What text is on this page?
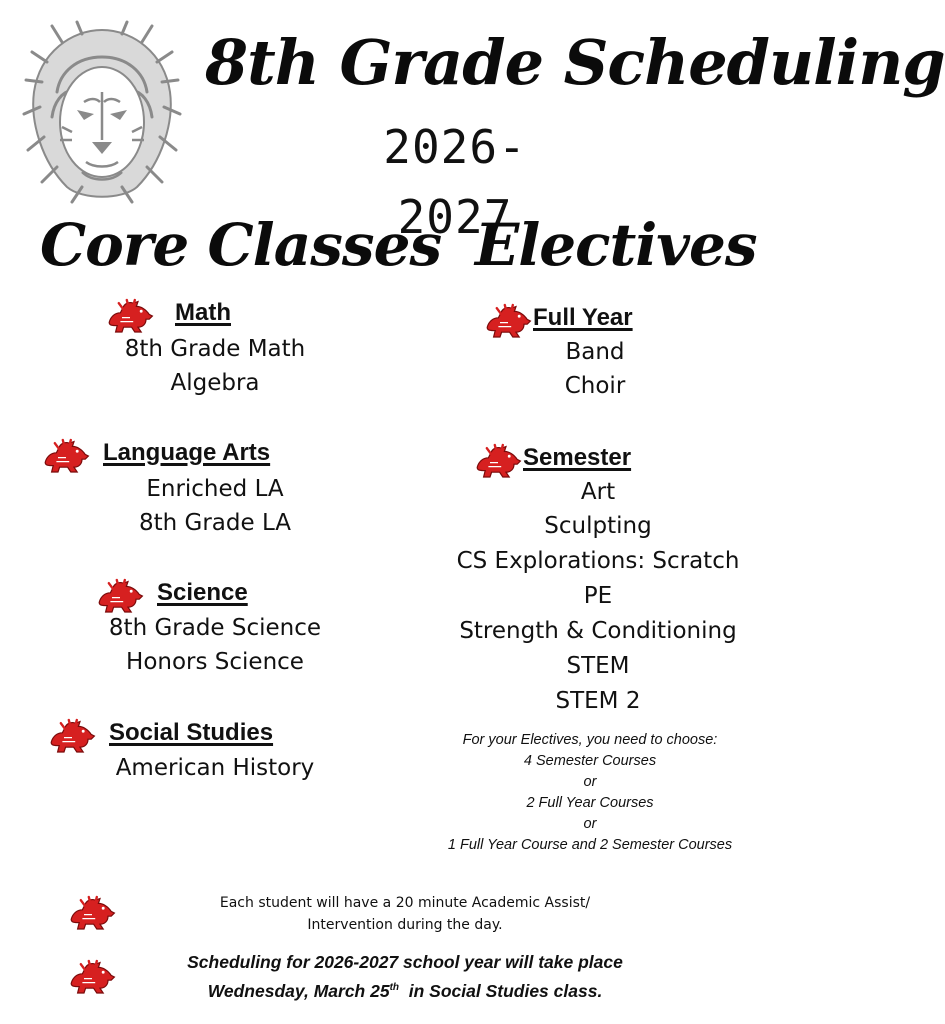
8th Grade Scheduling
2026-2027
Core Classes Electives
Math
8th Grade Math
Algebra
Language Arts
Enriched LA
8th Grade LA
Science
8th Grade Science
Honors Science
Social Studies
American History
Full Year
Band
Choir
Semester
Art
Sculpting
CS Explorations: Scratch
PE
Strength & Conditioning
STEM
STEM 2
For your Electives, you need to choose:
4 Semester Courses
or
2 Full Year Courses
or
1 Full Year Course and 2 Semester Courses
Each student will have a 20 minute Academic Assist/
Intervention during the day.
Scheduling for 2026-2027 school year will take place
Wednesday, March 25th  in Social Studies class.
